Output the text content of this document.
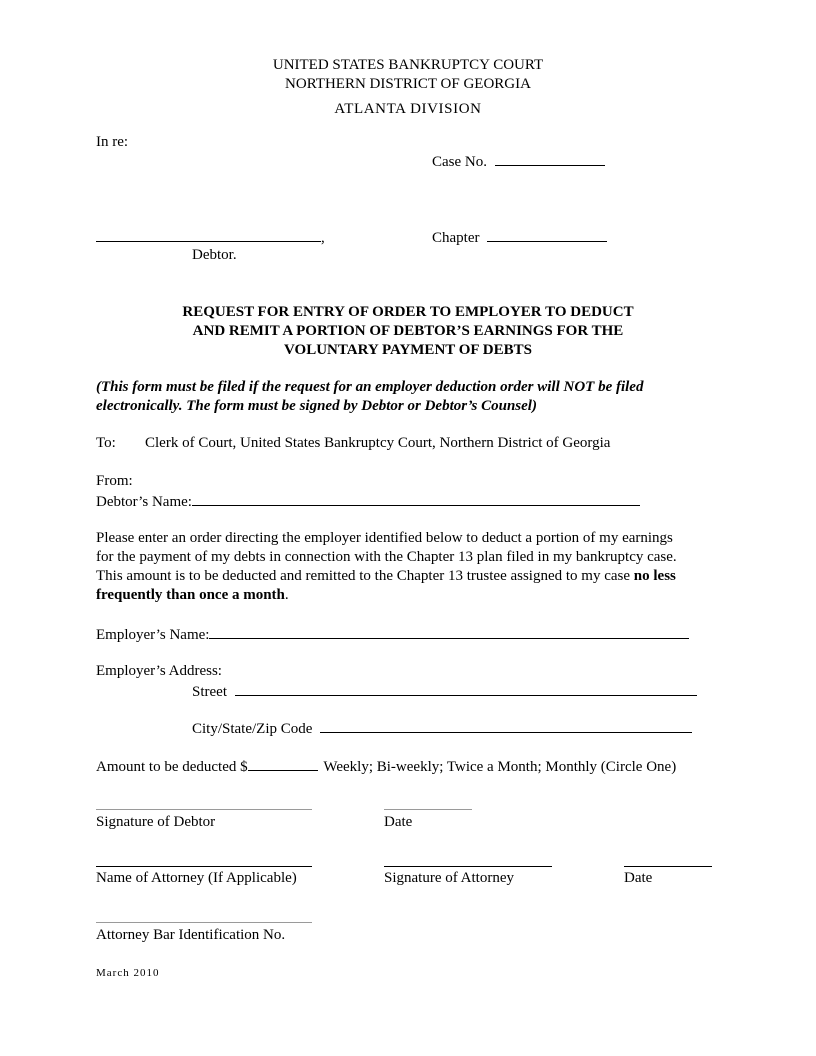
UNITED STATES BANKRUPTCY COURT
NORTHERN DISTRICT OF GEORGIA
ATLANTA DIVISION
In re:
Case No.
,	Chapter
Debtor.
REQUEST FOR ENTRY OF ORDER TO EMPLOYER TO DEDUCT
AND REMIT A PORTION OF DEBTOR’S EARNINGS FOR THE
VOLUNTARY PAYMENT OF DEBTS
(This form must be filed if the request for an employer deduction order will NOT be filed
electronically. The form must be signed by Debtor or Debtor’s Counsel)
To: Clerk of Court, United States Bankruptcy Court, Northern District of Georgia
From:
Debtor’s Name:
Please enter an order directing the employer identified below to deduct a portion of my earnings
for the payment of my debts in connection with the Chapter 13 plan filed in my bankruptcy case.
This amount is to be deducted and remitted to the Chapter 13 trustee assigned to my case no less
frequently than once a month.
Employer’s Name:
Employer’s Address:
Street
City/State/Zip Code
Amount to be deducted $	Weekly; Bi-weekly; Twice a Month; Monthly (Circle One)
Signature of Debtor	Date
Name of Attorney (If Applicable)	Signature of Attorney	Date
Attorney Bar Identification No.
March 2010
